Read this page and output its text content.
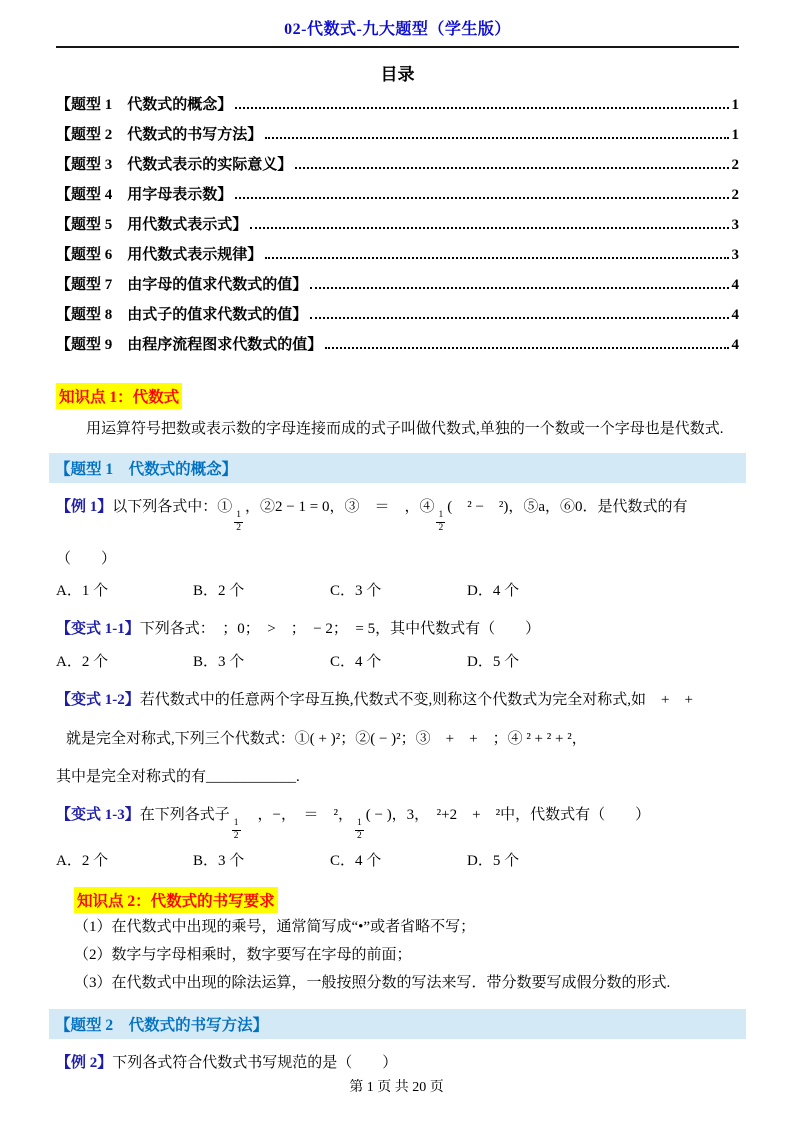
02-代数式-九大题型（学生版）
目录
【题型 1　代数式的概念】	1
【题型 2　代数式的书写方法】	1
【题型 3　代数式表示的实际意义】	2
【题型 4　用字母表示数】	2
【题型 5　用代数式表示式】	3
【题型 6　用代数式表示规律】	3
【题型 7　由字母的值求代数式的值】	4
【题型 8　由式子的值求代数式的值】	4
【题型 9　由程序流程图求代数式的值】	4
知识点 1：代数式
用运算符号把数或表示数的字母连接而成的式子叫做代数式,单独的一个数或一个字母也是代数式.
【题型 1　代数式的概念】
【例 1】以下列各式中：①
$\frac{1}{2}$
，②2 − 1 = 0，③　＝　，④
$\frac{1}{2}$
(　² −　²)，⑤a，⑥0．是代数式的有
（　　）
A．1 个	B．2 个	C．3 个	D．4 个
【变式 1-1】下列各式：　；0；　>　；　− 2；　= 5，其中代数式有（　　）
A．2 个	B．3 个	C．4 个	D．5 个
【变式 1-2】若代数式中的任意两个字母互换,代数式不变,则称这个代数式为完全对称式,如　+　+
就是完全对称式,下列三个代数式：①( + )²；②( − )²；③　+　+　；④ ² + ² + ²，
其中是完全对称式的有____________.
【变式 1-3】在下列各式子
$\frac{1}{2}$
　，−，　＝　²，
$\frac{1}{2}$
( − )，3，　²+2　+　²中，代数式有（　　）
A．2 个	B．3 个	C．4 个	D．5 个
知识点 2：代数式的书写要求
（1）在代数式中出现的乘号，通常简写成“•”或者省略不写；
（2）数字与字母相乘时，数字要写在字母的前面；
（3）在代数式中出现的除法运算，一般按照分数的写法来写．带分数要写成假分数的形式.
【题型 2　代数式的书写方法】
【例 2】下列各式符合代数式书写规范的是（　　）
第 1 页 共 20 页
